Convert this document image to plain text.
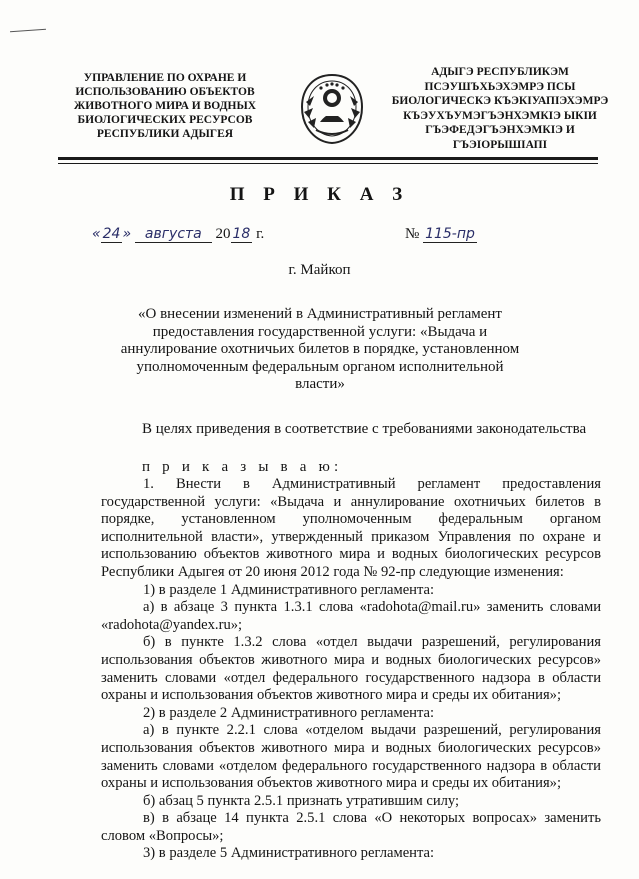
УПРАВЛЕНИЕ ПО ОХРАНЕ И
ИСПОЛЬЗОВАНИЮ ОБЪЕКТОВ
ЖИВОТНОГО МИРА И ВОДНЫХ
БИОЛОГИЧЕСКИХ РЕСУРСОВ
РЕСПУБЛИКИ АДЫГЕЯ
АДЫГЭ РЕСПУБЛИКЭМ
ПСЭУШЪХЬЭХЭМРЭ ПСЫ
БИОЛОГИЧЕСКЭ КЪЭКIУАПIЭХЭМРЭ
КЪЭУХЪУМЭГЪЭНХЭМКIЭ ЫКIИ
ГЪЭФЕДЭГЪЭНХЭМКIЭ И
ГЪЭIОРЫШIАПI
П Р И К А З
« 24 » августа 20 18 г.	№ 115-пр
г. Майкоп
«О внесении изменений в Административный регламент предоставления государственной услуги: «Выдача и аннулирование охотничьих билетов в порядке, установленном уполномоченным федеральным органом исполнительной власти»
В целях приведения в соответствие с требованиями законодательства
п р и к а з ы в а ю:

1. Внести в Административный регламент предоставления государственной услуги: «Выдача и аннулирование охотничьих билетов в порядке, установленном уполномоченным федеральным органом исполнительной власти», утвержденный приказом Управления по охране и использованию объектов животного мира и водных биологических ресурсов Республики Адыгея от 20 июня 2012 года № 92-пр следующие изменения:

1) в разделе 1 Административного регламента:

а) в абзаце 3 пункта 1.3.1 слова «radohota@mail.ru» заменить словами «radohota@yandex.ru»;

б) в пункте 1.3.2 слова «отдел выдачи разрешений, регулирования использования объектов животного мира и водных биологических ресурсов» заменить словами «отдел федерального государственного надзора в области охраны и использования объектов животного мира и среды их обитания»;

2) в разделе 2 Административного регламента:

а) в пункте 2.2.1 слова «отделом выдачи разрешений, регулирования использования объектов животного мира и водных биологических ресурсов» заменить словами «отделом федерального государственного надзора в области охраны и использования объектов животного мира и среды их обитания»;

б) абзац 5 пункта 2.5.1 признать утратившим силу;

в) в абзаце 14 пункта 2.5.1 слова «О некоторых вопросах» заменить словом «Вопросы»;

3) в разделе 5 Административного регламента:
